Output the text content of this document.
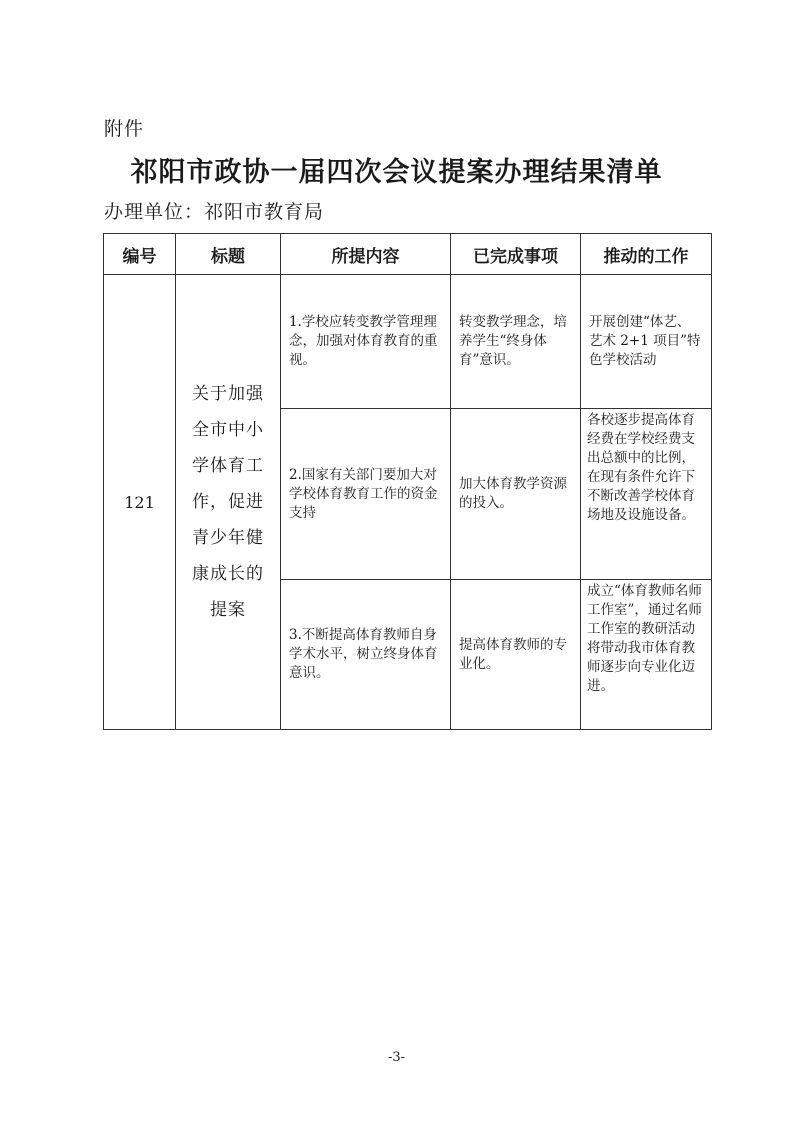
附件
祁阳市政协一届四次会议提案办理结果清单
办理单位：祁阳市教育局
编号	标题	所提内容	已完成事项	推动的工作
121	关于加强全市中小学体育工作，促进青少年健康成长的提案	1.学校应转变教学管理理念，加强对体育教育的重视。	转变教学理念，培养学生“终身体育”意识。	开展创建“体艺、艺术 2+1 项目”特色学校活动
		2.国家有关部门要加大对学校体育教育工作的资金支持	加大体育教学资源的投入。	各校逐步提高体育经费在学校经费支出总额中的比例，在现有条件允许下不断改善学校体育场地及设施设备。
		3.不断提高体育教师自身学术水平，树立终身体育意识。	提高体育教师的专业化。	成立“体育教师名师工作室”，通过名师工作室的教研活动将带动我市体育教师逐步向专业化迈进。
-3-
